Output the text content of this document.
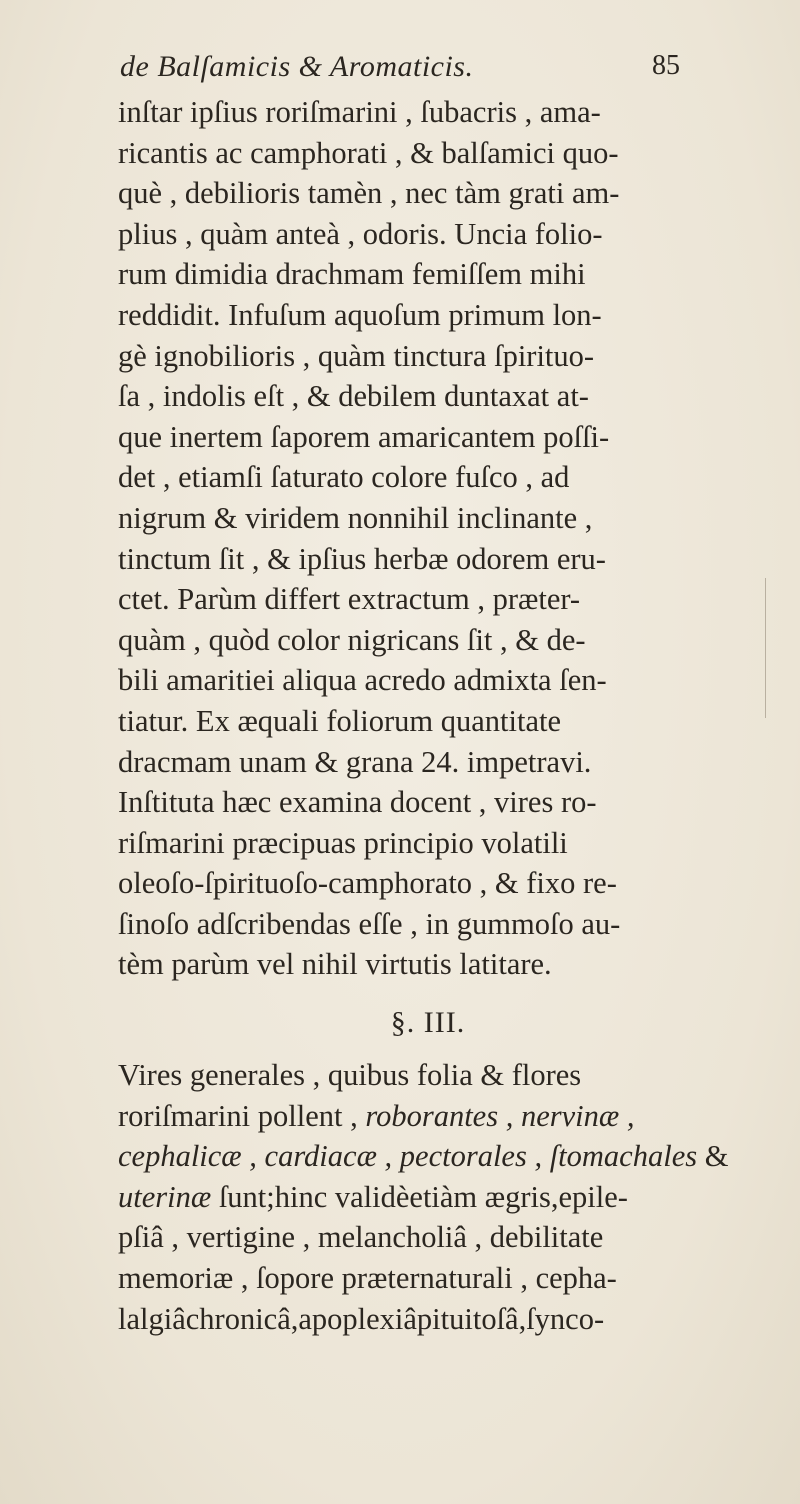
de Balſamicis & Aromaticis.	85
inſtar ipſius roriſmarini , ſubacris , ama-
ricantis ac camphorati , & balſamici quo-
què , debilioris tamèn , nec tàm grati am-
plius , quàm anteà , odoris. Uncia folio-
rum dimidia drachmam femiſſem mihi
reddidit. Infuſum aquoſum primum lon-
gè ignobilioris , quàm tinctura ſpirituo-
ſa , indolis eſt , & debilem duntaxat at-
que inertem ſaporem amaricantem poſſi-
det , etiamſi ſaturato colore fuſco , ad
nigrum & viridem nonnihil inclinante ,
tinctum ſit , & ipſius herbæ odorem eru-
ctet. Parùm differt extractum , præter-
quàm , quòd color nigricans ſit , & de-
bili amaritiei aliqua acredo admixta ſen-
tiatur. Ex æquali foliorum quantitate
dracmam unam & grana 24. impetravi.
Inſtituta hæc examina docent , vires ro-
riſmarini præcipuas principio volatili
oleoſo-ſpirituoſo-camphorato , & fixo re-
ſinoſo adſcribendas eſſe , in gummoſo au-
tèm parùm vel nihil virtutis latitare.
§. III.
Vires generales , quibus folia & flores
roriſmarini pollent , roborantes , nervinæ ,
cephalicæ , cardiacæ , pectorales , ſtomachales &
uterinæ ſunt;hinc validèetiàm ægris,epile-
pſiâ , vertigine , melancholiâ , debilitate
memoriæ , ſopore præternaturali , cepha-
lalgiâchronicâ,apoplexiâpituitoſâ,ſynco-
